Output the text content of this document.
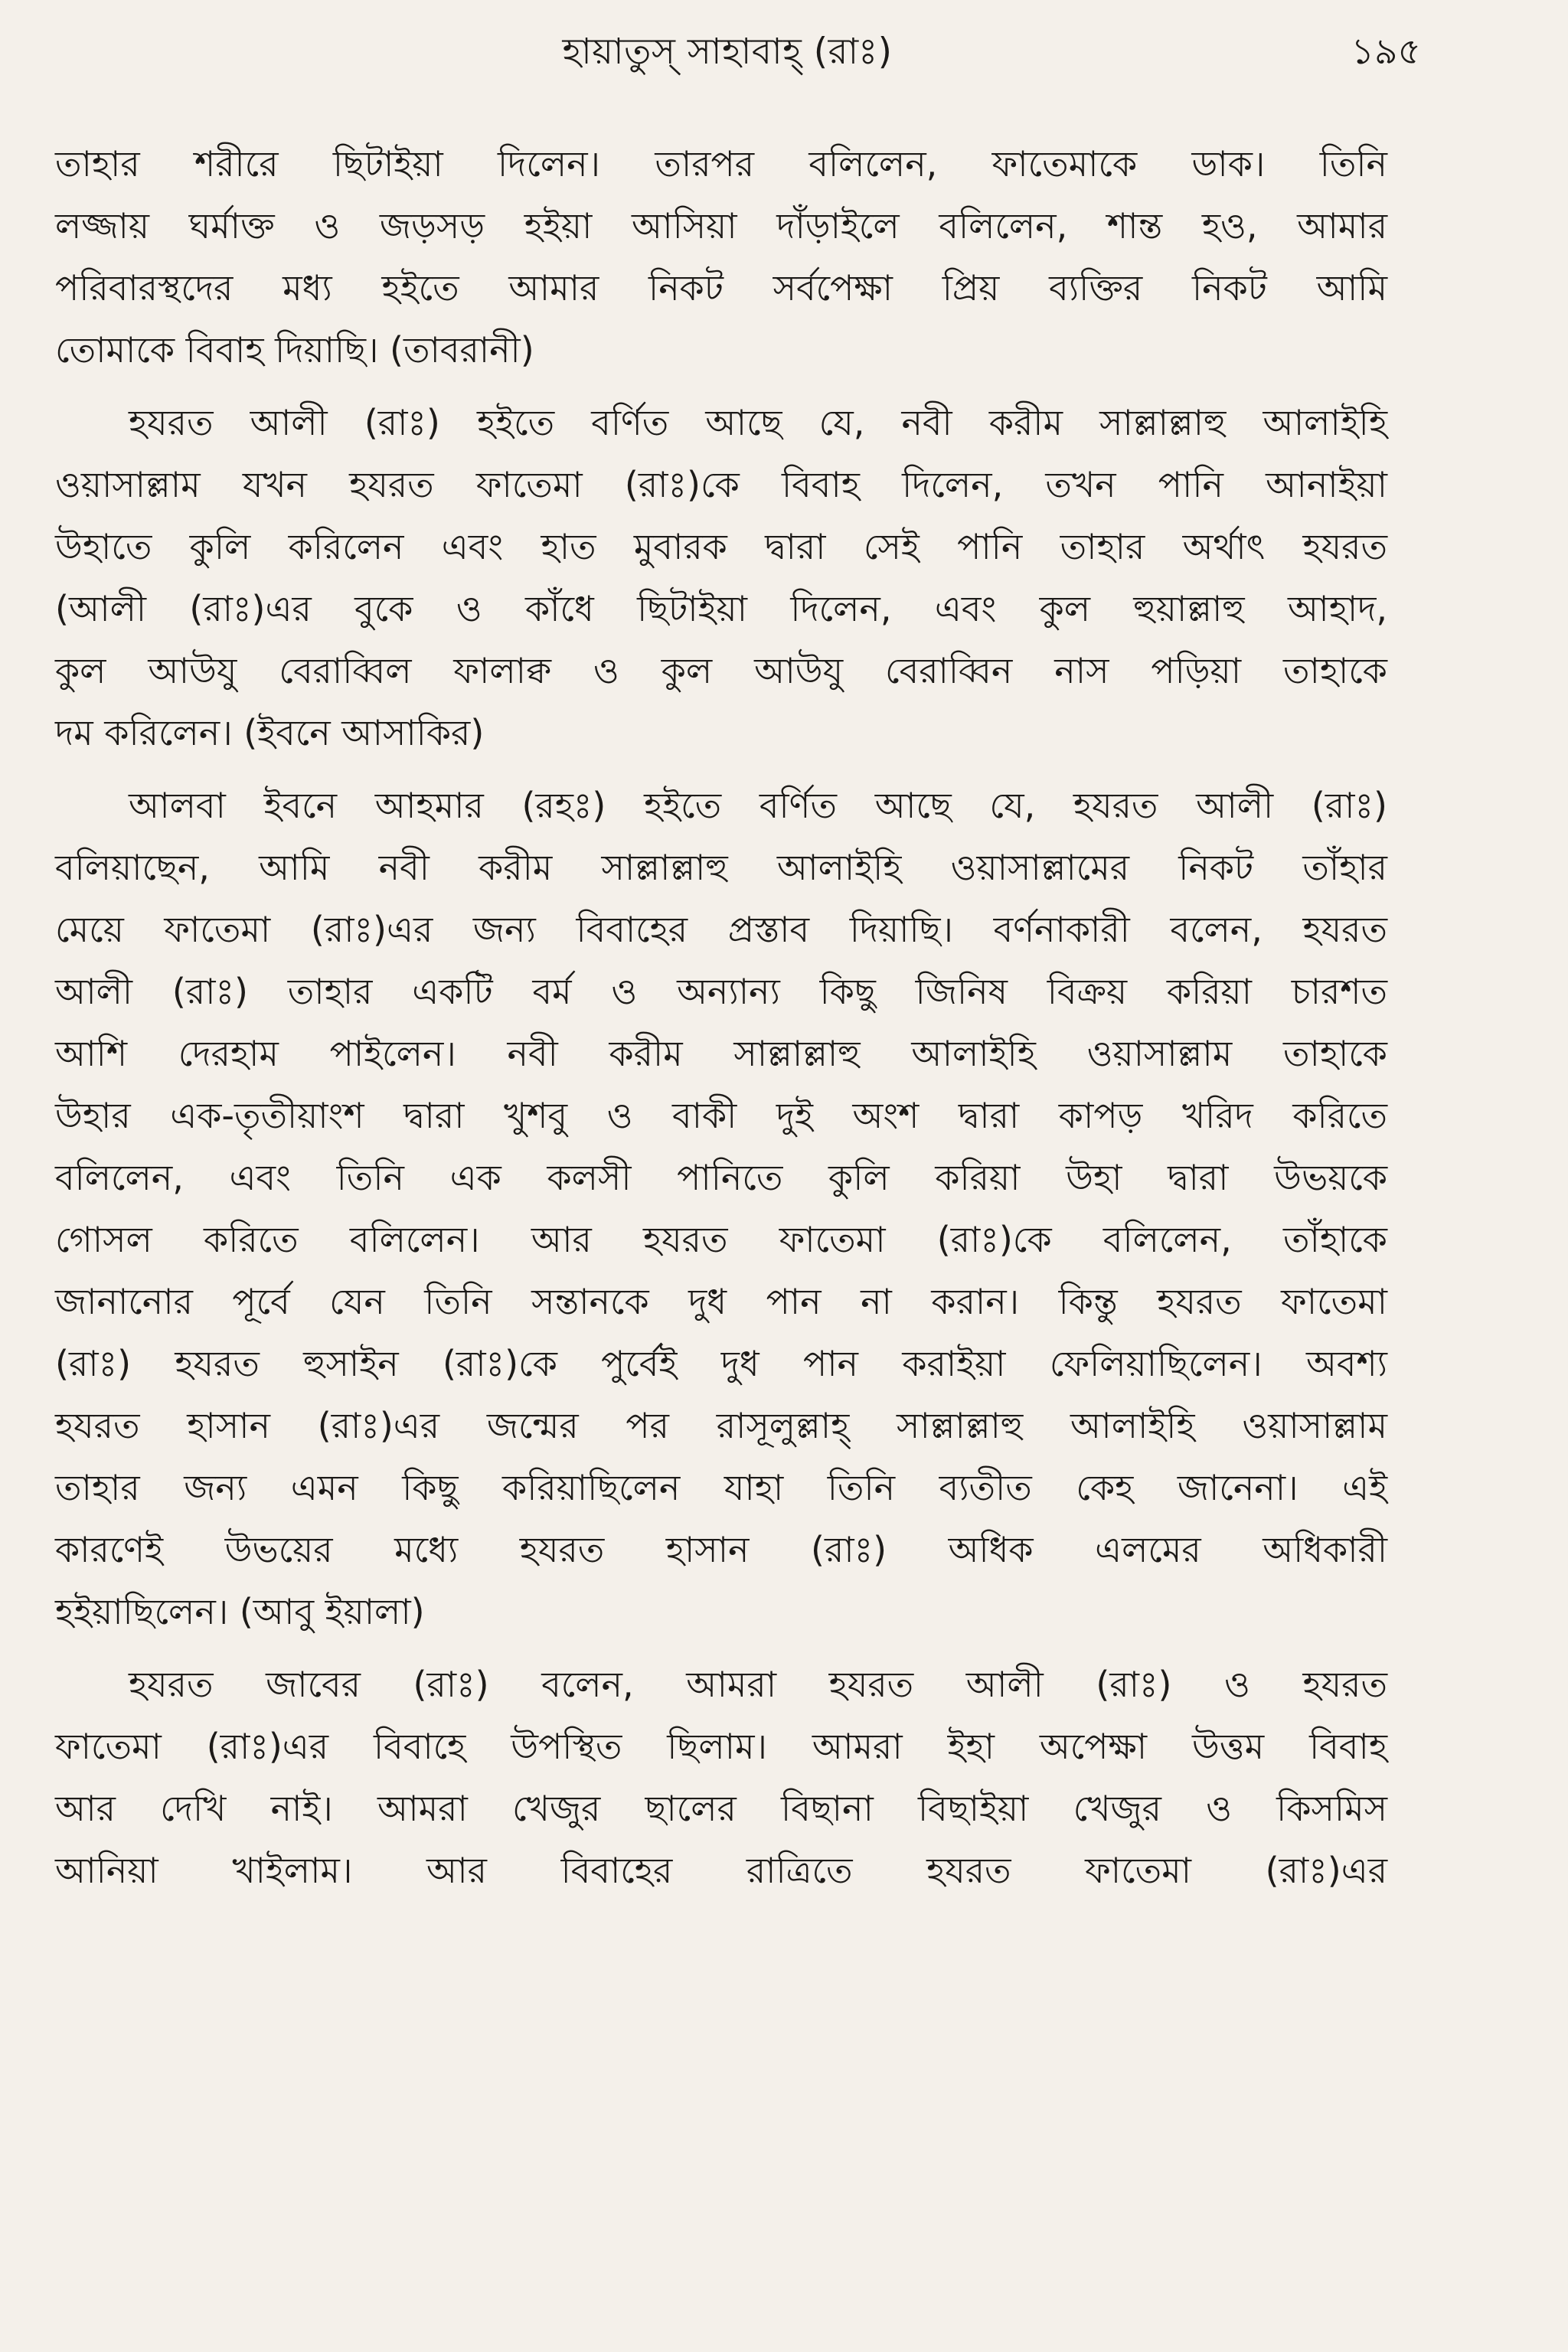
হায়াতুস্ সাহাবাহ্ (রাঃ)	১৯৫
তাহার শরীরে ছিটাইয়া দিলেন। তারপর বলিলেন, ফাতেমাকে ডাক। তিনি
লজ্জায় ঘর্মাক্ত ও জড়সড় হইয়া আসিয়া দাঁড়াইলে বলিলেন, শান্ত হও, আমার
পরিবারস্থদের মধ্য হইতে আমার নিকট সর্বপেক্ষা প্রিয় ব্যক্তির নিকট আমি
তোমাকে বিবাহ দিয়াছি। (তাবরানী)
হযরত আলী (রাঃ) হইতে বর্ণিত আছে যে, নবী করীম সাল্লাল্লাহু আলাইহি
ওয়াসাল্লাম যখন হযরত ফাতেমা (রাঃ)কে বিবাহ দিলেন, তখন পানি আনাইয়া
উহাতে কুলি করিলেন এবং হাত মুবারক দ্বারা সেই পানি তাহার অর্থাৎ হযরত
(আলী (রাঃ)এর বুকে ও কাঁধে ছিটাইয়া দিলেন, এবং কুল হুয়াল্লাহু আহাদ,
কুল আউযু বেরাব্বিল ফালাক্ব ও কুল আউযু বেরাব্বিন নাস পড়িয়া তাহাকে
দম করিলেন। (ইবনে আসাকির)
আলবা ইবনে আহমার (রহঃ) হইতে বর্ণিত আছে যে, হযরত আলী (রাঃ)
বলিয়াছেন, আমি নবী করীম সাল্লাল্লাহু আলাইহি ওয়াসাল্লামের নিকট তাঁহার
মেয়ে ফাতেমা (রাঃ)এর জন্য বিবাহের প্রস্তাব দিয়াছি। বর্ণনাকারী বলেন, হযরত
আলী (রাঃ) তাহার একটি বর্ম ও অন্যান্য কিছু জিনিষ বিক্রয় করিয়া চারশত
আশি দেরহাম পাইলেন। নবী করীম সাল্লাল্লাহু আলাইহি ওয়াসাল্লাম তাহাকে
উহার এক-তৃতীয়াংশ দ্বারা খুশবু ও বাকী দুই অংশ দ্বারা কাপড় খরিদ করিতে
বলিলেন, এবং তিনি এক কলসী পানিতে কুলি করিয়া উহা দ্বারা উভয়কে
গোসল করিতে বলিলেন। আর হযরত ফাতেমা (রাঃ)কে বলিলেন, তাঁহাকে
জানানোর পূর্বে যেন তিনি সন্তানকে দুধ পান না করান। কিন্তু হযরত ফাতেমা
(রাঃ) হযরত হুসাইন (রাঃ)কে পুর্বেই দুধ পান করাইয়া ফেলিয়াছিলেন। অবশ্য
হযরত হাসান (রাঃ)এর জন্মের পর রাসূলুল্লাহ্ সাল্লাল্লাহু আলাইহি ওয়াসাল্লাম
তাহার জন্য এমন কিছু করিয়াছিলেন যাহা তিনি ব্যতীত কেহ জানেনা। এই
কারণেই উভয়ের মধ্যে হযরত হাসান (রাঃ) অধিক এলমের অধিকারী
হইয়াছিলেন। (আবু ইয়ালা)
হযরত জাবের (রাঃ) বলেন, আমরা হযরত আলী (রাঃ) ও হযরত
ফাতেমা (রাঃ)এর বিবাহে উপস্থিত ছিলাম। আমরা ইহা অপেক্ষা উত্তম বিবাহ
আর দেখি নাই। আমরা খেজুর ছালের বিছানা বিছাইয়া খেজুর ও কিসমিস
আনিয়া খাইলাম। আর বিবাহের রাত্রিতে হযরত ফাতেমা (রাঃ)এর
